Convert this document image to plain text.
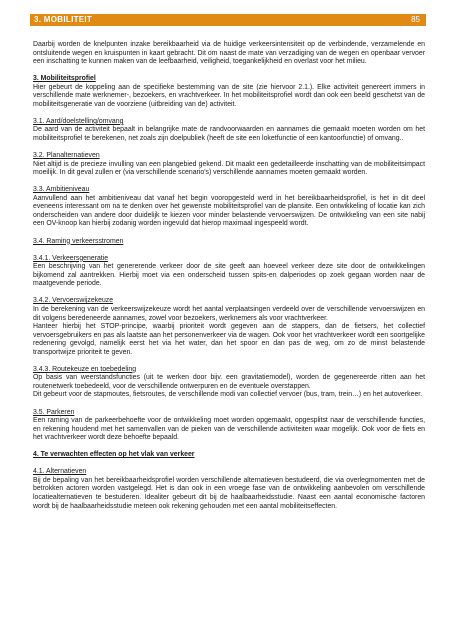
3. MOBILITEIT	85

Daarbij worden de knelpunten inzake bereikbaarheid via de huidige verkeersintensiteit op de verbindende, verzamelende en ontsluitende wegen en kruispunten in kaart gebracht. Dit om naast de mate van verzadiging van de wegen en openbaar vervoer een inschatting te kunnen maken van de leefbaarheid, veiligheid, toegankelijkheid en overlast voor het milieu.

3. Mobiliteitsprofiel

Hier gebeurt de koppeling aan de specifieke bestemming van de site (zie hiervoor 2.1.). Elke activiteit genereert immers in verschillende mate werknemer-, bezoekers, en vrachtverkeer. In het mobiliteitsprofiel wordt dan ook een beeld geschetst van de mobiliteitsgeneratie van de voorziene (uitbreiding van de) activiteit.

3.1. Aard/doelstelling/omvang

De aard van de activiteit bepaalt in belangrijke mate de randvoorwaarden en aannames die gemaakt moeten worden om het mobiliteitsprofiel te berekenen, net zoals zijn doelpubliek (heeft de site een loketfunctie of een kantoorfunctie) of omvang..

3.2. Planalternatieven

Niet altijd is de precieze invulling van een plangebied gekend. Dit maakt een gedetailleerde inschatting van de mobiliteitsimpact moeilijk. In dit geval zullen er (via verschillende scenario's) verschillende aannames moeten gemaakt worden.

3.3. Ambitieniveau

Aanvullend aan het ambitieniveau dat vanaf het begin vooropgesteld werd in het bereikbaarheidsprofiel, is het in dit deel eveneens interessant om na te denken over het gewenste mobiliteitsprofiel van de plansite. Een ontwikkeling of locatie kan zich onderscheiden van andere door duidelijk te kiezen voor minder belastende vervoerswijzen. De ontwikkeling van een site nabij een OV-knoop kan hierbij zodanig worden ingevuld dat hierop maximaal ingespeeld wordt.

3.4. Raming verkeersstromen
3.4.1. Verkeersgeneratie

Een beschrijving van het genererende verkeer door de site geeft aan hoeveel verkeer deze site door de ontwikkelingen bijkomend zal aantrekken. Hierbij moet via een onderscheid tussen spits-en dalperiodes op zoek gegaan worden naar de maatgevende periode.

3.4.2. Vervoerswijzekeuze

In de berekening van de verkeerswijzekeuze wordt het aantal verplaatsingen verdeeld over de verschillende vervoerswijzen en dit volgens beredeneerde aannames, zowel voor bezoekers, werknemers als voor vrachtverkeer.

Hanteer hierbij het STOP-principe, waarbij prioriteit wordt gegeven aan de stappers, dan de fietsers, het collectief vervoersgebruikers en pas als laatste aan het personenverkeer via de wagen. Ook voor het vrachtverkeer wordt een soortgelijke redenering gevolgd, namelijk eerst het via het water, dan het spoor en dan pas de weg, om zo de minst belastende transportwijze prioriteit te geven.

3.4.3. Routekeuze en toebedeling

Op basis van weerstandsfuncties (uit te werken door bijv. een gravitatiemodel), worden de gegenereerde ritten aan het routenetwerk toebedeeld, voor de verschillende ontwerpuren en de eventuele overstappen.

Dit gebeurt voor de stapmoutes, fietsroutes, de verschillende modi van collectief vervoer (bus, tram, trein…) en het autoverkeer.

3.5. Parkeren

Een raming van de parkeerbehoefte voor de ontwikkeling moet worden opgemaakt, opgesplitst naar de verschillende functies, en rekening houdend met het samenvallen van de pieken van de verschillende activiteiten waar mogelijk. Ook voor de fiets en het vrachtverkeer wordt deze behoefte bepaald.

4. Te verwachten effecten op het vlak van verkeer
4.1. Alternatieven

Bij de bepaling van het bereikbaarheidsprofiel worden verschillende alternatieven bestudeerd, die via overlegmomenten met de betrokken actoren worden vastgelegd. Het is dan ook in een vroege fase van de ontwikkeling aanbevolen om verschillende locatiealternatieven te bestuderen. Idealiter gebeurt dit bij de haalbaarheidsstudie. Naast een aantal economische factoren wordt bij de haalbaarheidsstudie meteen ook rekening gehouden met een aantal mobiliteitseffecten.
